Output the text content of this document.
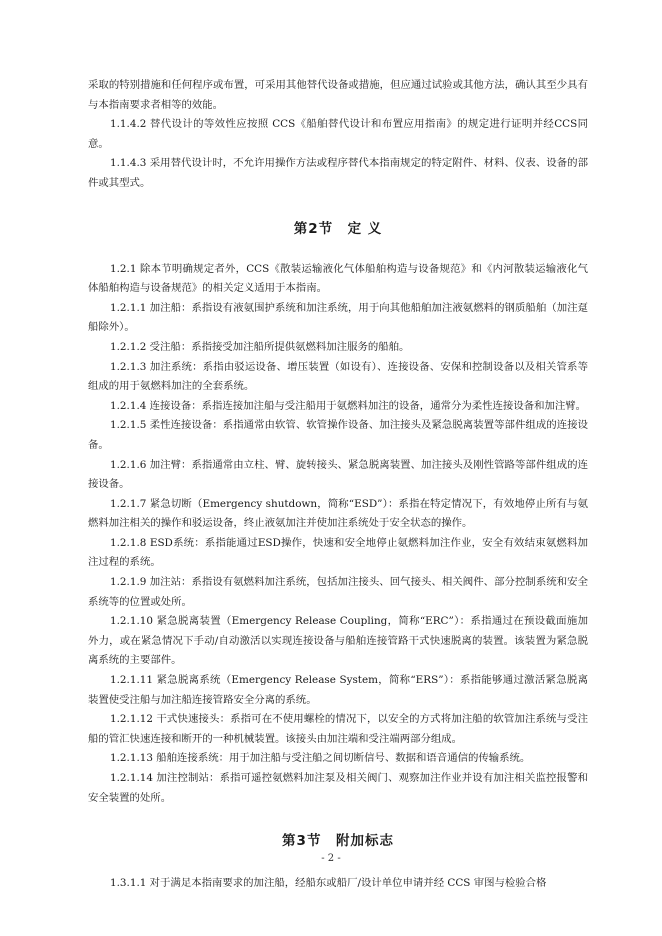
采取的特别措施和任何程序或布置，可采用其他替代设备或措施，但应通过试验或其他方法，确认其至少具有与本指南要求者相等的效能。

1.1.4.2 替代设计的等效性应按照 CCS《船舶替代设计和布置应用指南》的规定进行证明并经CCS同意。

1.1.4.3 采用替代设计时，不允许用操作方法或程序替代本指南规定的特定附件、材料、仪表、设备的部件或其型式。

第2节　定 义

1.2.1 除本节明确规定者外，CCS《散装运输液化气体船舶构造与设备规范》和《内河散装运输液化气体船舶构造与设备规范》的相关定义适用于本指南。

1.2.1.1 加注船：系指设有液氨围护系统和加注系统，用于向其他船舶加注液氨燃料的钢质船舶（加注趸船除外）。

1.2.1.2 受注船：系指接受加注船所提供氨燃料加注服务的船舶。

1.2.1.3 加注系统：系指由驳运设备、增压装置（如设有）、连接设备、安保和控制设备以及相关管系等组成的用于氨燃料加注的全套系统。

1.2.1.4 连接设备：系指连接加注船与受注船用于氨燃料加注的设备，通常分为柔性连接设备和加注臂。

1.2.1.5 柔性连接设备：系指通常由软管、软管操作设备、加注接头及紧急脱离装置等部件组成的连接设备。

1.2.1.6 加注臂：系指通常由立柱、臂、旋转接头、紧急脱离装置、加注接头及刚性管路等部件组成的连接设备。

1.2.1.7 紧急切断（Emergency shutdown，简称“ESD”）：系指在特定情况下，有效地停止所有与氨燃料加注相关的操作和驳运设备，终止液氨加注并使加注系统处于安全状态的操作。

1.2.1.8 ESD系统：系指能通过ESD操作，快速和安全地停止氨燃料加注作业，安全有效结束氨燃料加注过程的系统。

1.2.1.9 加注站：系指设有氨燃料加注系统，包括加注接头、回气接头、相关阀件、部分控制系统和安全系统等的位置或处所。

1.2.1.10 紧急脱离装置（Emergency Release Coupling，简称“ERC”）：系指通过在预设截面施加外力，或在紧急情况下手动/自动激活以实现连接设备与船舶连接管路干式快速脱离的装置。该装置为紧急脱离系统的主要部件。

1.2.1.11 紧急脱离系统（Emergency Release System，简称“ERS”）：系指能够通过激活紧急脱离装置使受注船与加注船连接管路安全分离的系统。

1.2.1.12 干式快速接头：系指可在不使用螺栓的情况下，以安全的方式将加注船的软管加注系统与受注船的管汇快速连接和断开的一种机械装置。该接头由加注端和受注端两部分组成。

1.2.1.13 船舶连接系统：用于加注船与受注船之间切断信号、数据和语音通信的传输系统。

1.2.1.14 加注控制站：系指可遥控氨燃料加注泵及相关阀门、观察加注作业并设有加注相关监控报警和安全装置的处所。

第3节　附加标志

1.3.1.1 对于满足本指南要求的加注船，经船东或船厂/设计单位申请并经 CCS 审图与检验合格

- 2 -
